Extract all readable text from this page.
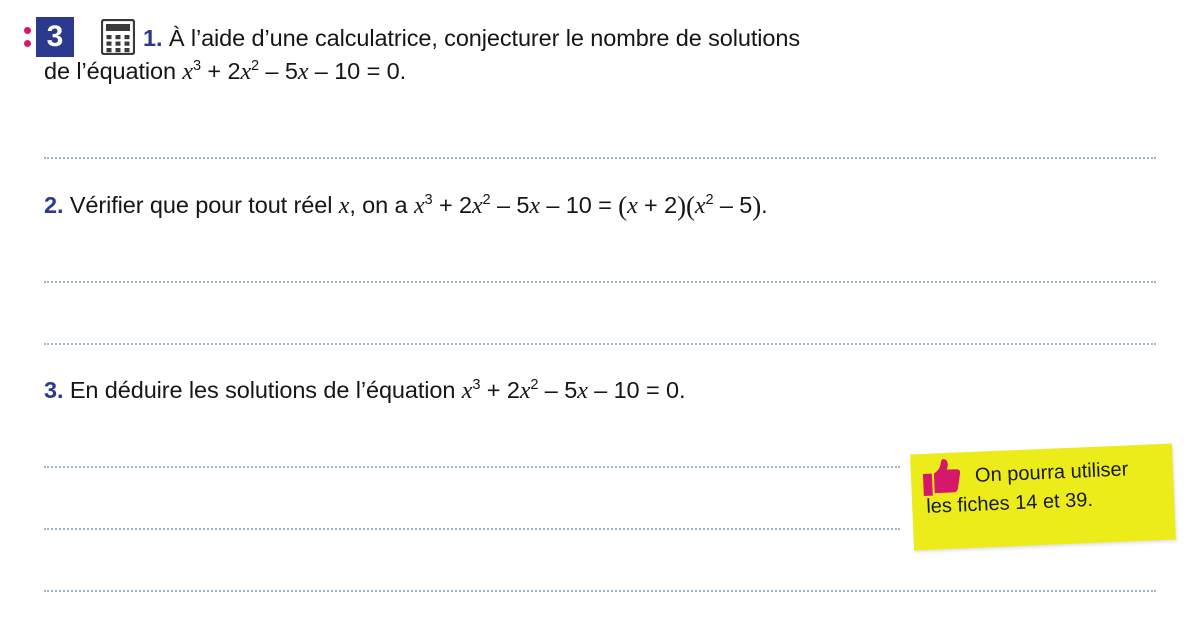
3	1. À l’aide d’une calculatrice, conjecturer le nombre de solutions
de l’équation $x^3 + 2x^2 - 5x - 10 = 0$.
2. Vérifier que pour tout réel x, on a $x^3 + 2x^2 - 5x - 10 = (x + 2)(x^2 - 5)$.
3. En déduire les solutions de l’équation $x^3 + 2x^2 - 5x - 10 = 0$.
On pourra utiliser
les fiches 14 et 39.
